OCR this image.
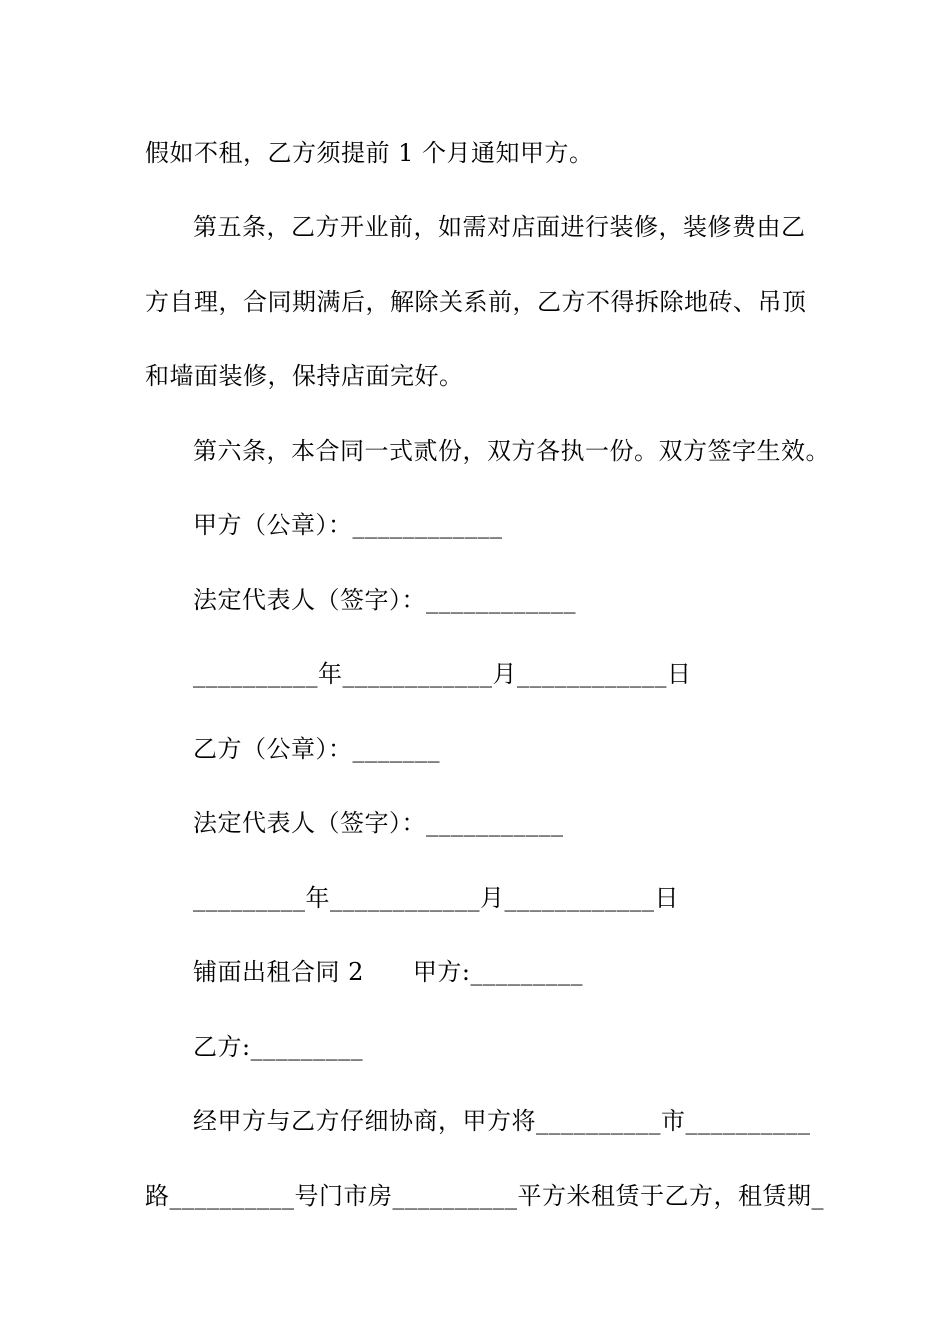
假如不租，乙方须提前 1 个月通知甲方。
第五条，乙方开业前，如需对店面进行装修，装修费由乙
方自理，合同期满后，解除关系前，乙方不得拆除地砖、吊顶
和墙面装修，保持店面完好。
第六条，本合同一式贰份，双方各执一份。双方签字生效。
甲方（公章）：____________
法定代表人（签字）：____________
__________年____________月____________日
乙方（公章）：_______
法定代表人（签字）：___________
_________年____________月____________日
铺面出租合同 2　　甲方:_________
乙方:_________
经甲方与乙方仔细协商，甲方将__________市__________
路__________号门市房__________平方米租赁于乙方，租赁期_
